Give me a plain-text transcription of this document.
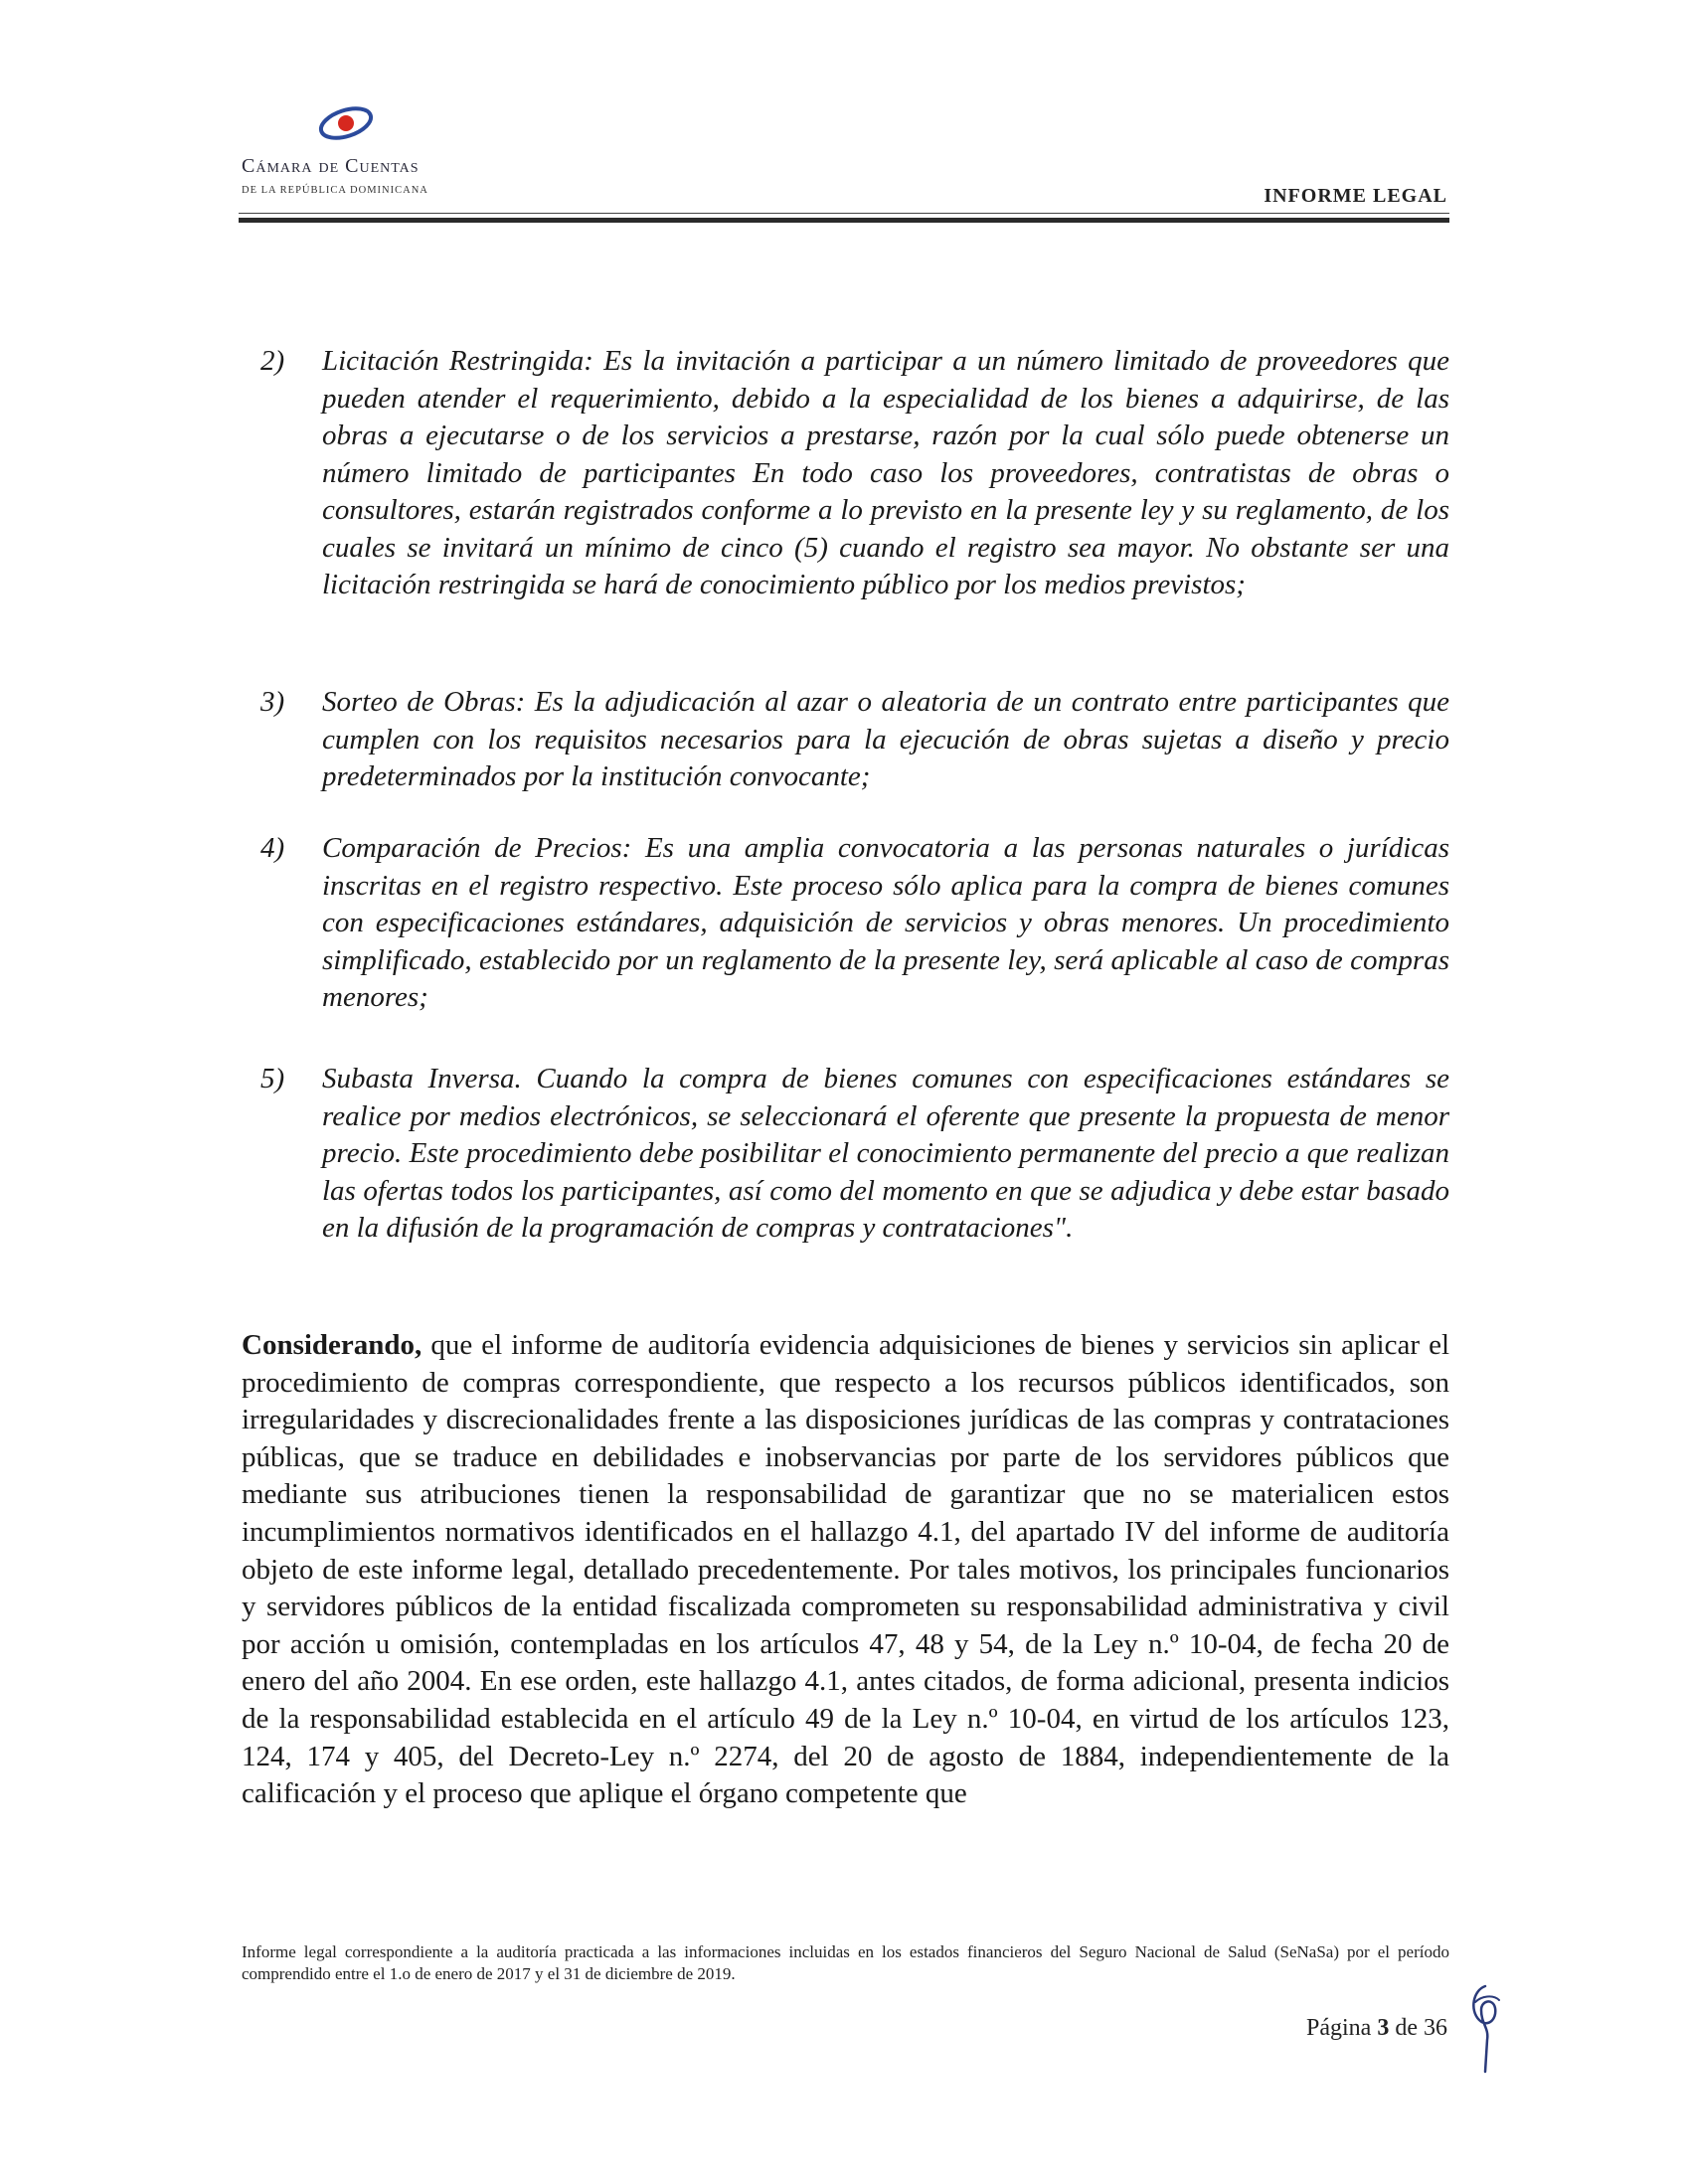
Cámara de Cuentas
DE LA REPÚBLICA DOMINICANA	INFORME LEGAL
2) Licitación Restringida: Es la invitación a participar a un número limitado de proveedores que pueden atender el requerimiento, debido a la especialidad de los bienes a adquirirse, de las obras a ejecutarse o de los servicios a prestarse, razón por la cual sólo puede obtenerse un número limitado de participantes En todo caso los proveedores, contratistas de obras o consultores, estarán registrados conforme a lo previsto en la presente ley y su reglamento, de los cuales se invitará un mínimo de cinco (5) cuando el registro sea mayor. No obstante ser una licitación restringida se hará de conocimiento público por los medios previstos;
3) Sorteo de Obras: Es la adjudicación al azar o aleatoria de un contrato entre participantes que cumplen con los requisitos necesarios para la ejecución de obras sujetas a diseño y precio predeterminados por la institución convocante;
4) Comparación de Precios: Es una amplia convocatoria a las personas naturales o jurídicas inscritas en el registro respectivo. Este proceso sólo aplica para la compra de bienes comunes con especificaciones estándares, adquisición de servicios y obras menores. Un procedimiento simplificado, establecido por un reglamento de la presente ley, será aplicable al caso de compras menores;
5) Subasta Inversa. Cuando la compra de bienes comunes con especificaciones estándares se realice por medios electrónicos, se seleccionará el oferente que presente la propuesta de menor precio. Este procedimiento debe posibilitar el conocimiento permanente del precio a que realizan las ofertas todos los participantes, así como del momento en que se adjudica y debe estar basado en la difusión de la programación de compras y contrataciones".
Considerando, que el informe de auditoría evidencia adquisiciones de bienes y servicios sin aplicar el procedimiento de compras correspondiente, que respecto a los recursos públicos identificados, son irregularidades y discrecionalidades frente a las disposiciones jurídicas de las compras y contrataciones públicas, que se traduce en debilidades e inobservancias por parte de los servidores públicos que mediante sus atribuciones tienen la responsabilidad de garantizar que no se materialicen estos incumplimientos normativos identificados en el hallazgo 4.1, del apartado IV del informe de auditoría objeto de este informe legal, detallado precedentemente. Por tales motivos, los principales funcionarios y servidores públicos de la entidad fiscalizada comprometen su responsabilidad administrativa y civil por acción u omisión, contempladas en los artículos 47, 48 y 54, de la Ley n.º 10-04, de fecha 20 de enero del año 2004. En ese orden, este hallazgo 4.1, antes citados, de forma adicional, presenta indicios de la responsabilidad establecida en el artículo 49 de la Ley n.º 10-04, en virtud de los artículos 123, 124, 174 y 405, del Decreto-Ley n.º 2274, del 20 de agosto de 1884, independientemente de la calificación y el proceso que aplique el órgano competente que
Informe legal correspondiente a la auditoría practicada a las informaciones incluidas en los estados financieros del Seguro Nacional de Salud (SeNaSa) por el período comprendido entre el 1.o de enero de 2017 y el 31 de diciembre de 2019.
Página 3 de 36
